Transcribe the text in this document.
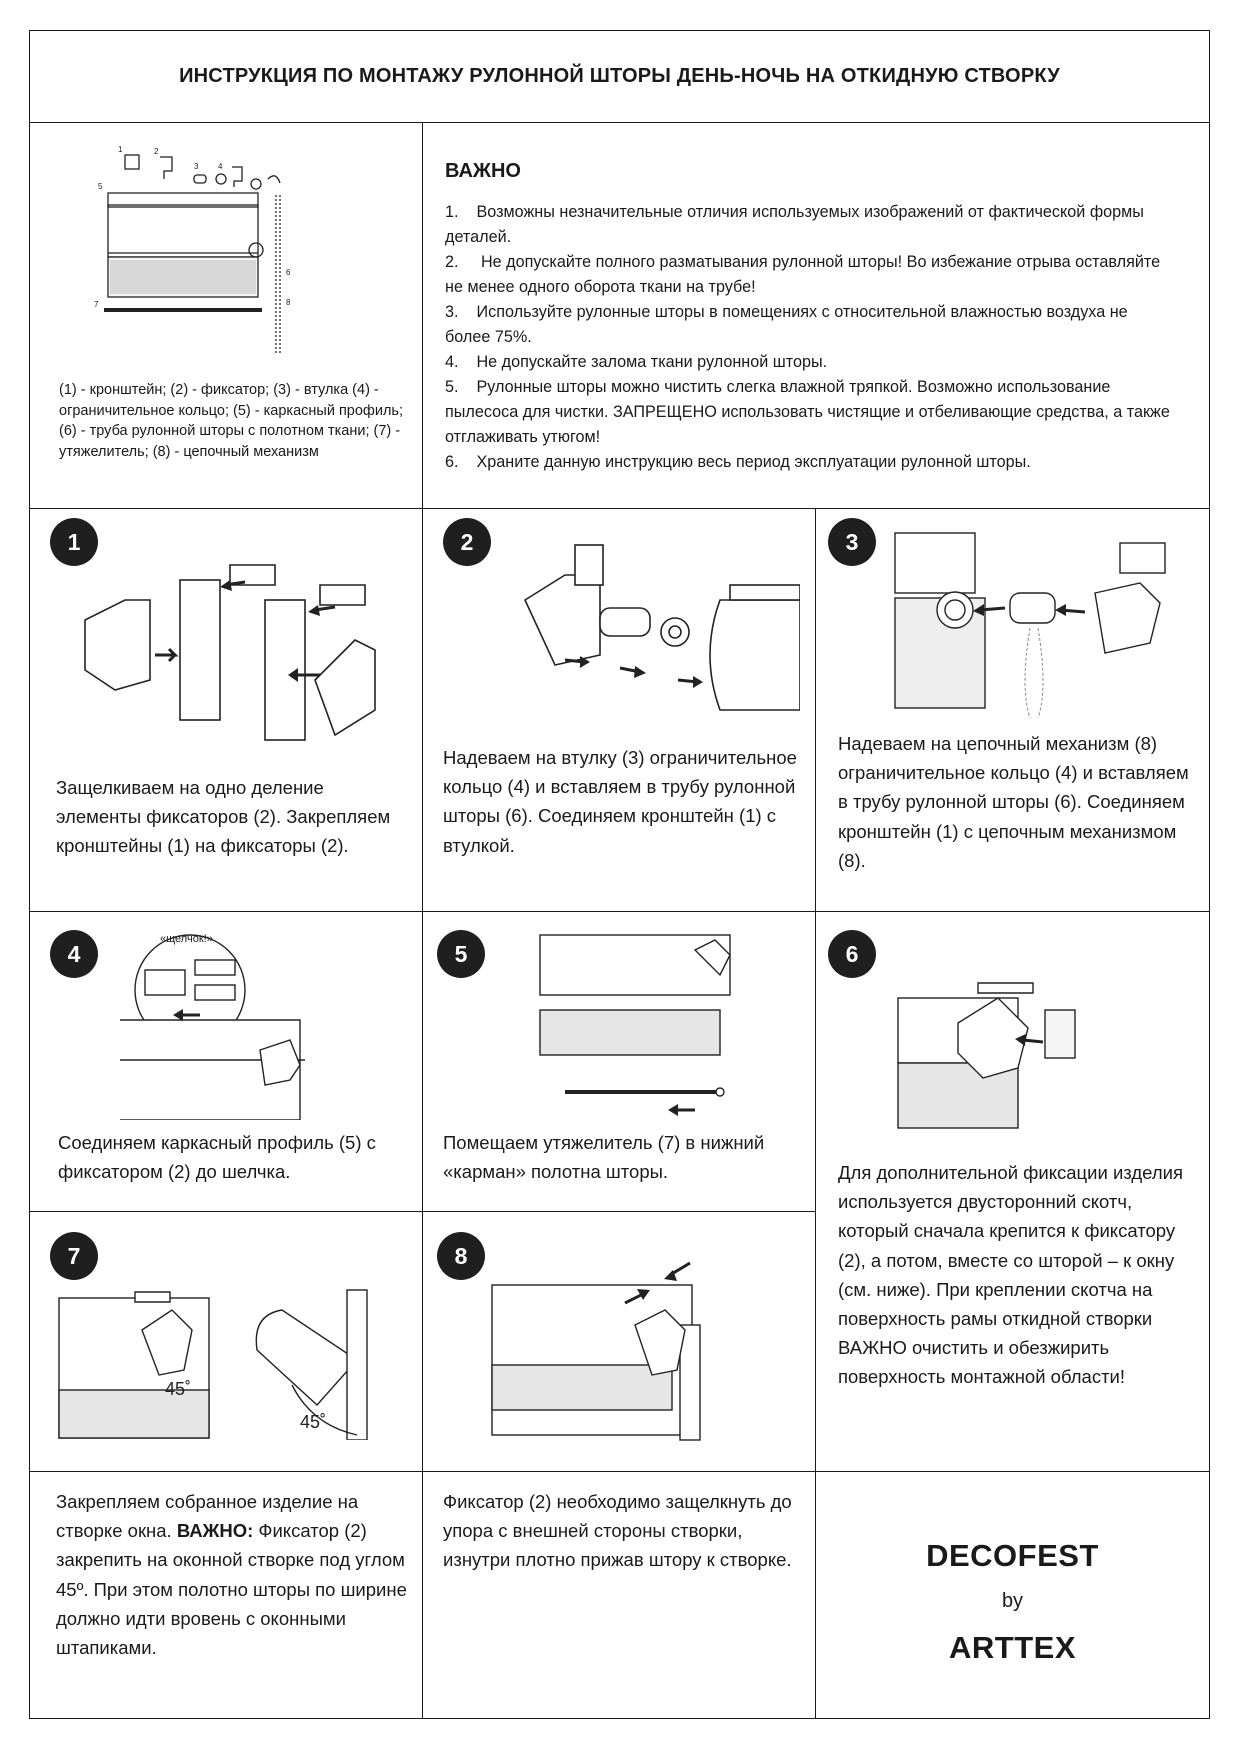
ИНСТРУКЦИЯ ПО МОНТАЖУ РУЛОННОЙ ШТОРЫ ДЕНЬ-НОЧЬ НА ОТКИДНУЮ СТВОРКУ
1	2
3 4
5
6
7	8
(1) - кронштейн; (2) - фиксатор; (3) - втулка (4) - ограничительное кольцо; (5) - каркасный профиль; (6) - труба рулонной шторы с полотном ткани; (7) - утяжелитель; (8) - цепочный механизм
ВАЖНО
1.    Возможны незначительные отличия используемых изображений от фактической формы деталей.
2.     Не допускайте полного разматывания рулонной шторы! Во избежание отрыва оставляйте не менее одного оборота ткани на трубе!
3.    Используйте рулонные шторы в помещениях с относительной влажностью воздуха не более 75%.
4.    Не допускайте залома ткани рулонной шторы.
5.    Рулонные шторы можно чистить слегка влажной тряпкой. Возможно использование пылесоса для чистки. ЗАПРЕЩЕНО использовать чистящие и отбеливающие средства, а также отглаживать утюгом!
6.    Храните данную инструкцию весь период эксплуатации рулонной шторы.
1
Защелкиваем на одно деление элементы фиксаторов (2). Закрепляем кронштейны (1) на фиксаторы (2).
2
Надеваем на втулку (3) ограничительное кольцо (4) и вставляем в трубу рулонной шторы (6). Соединяем кронштейн (1) с втулкой.
3
Надеваем на цепочный механизм (8) ограничительное кольцо (4) и вставляем в трубу рулонной шторы (6). Соединяем кронштейн (1) с цепочным механизмом (8).
4
«щелчок!»
Соединяем каркасный профиль (5) с фиксатором (2) до шелчка.
5
Помещаем утяжелитель (7) в нижний «карман» полотна шторы.
6
Для дополнительной фиксации изделия используется двусторонний скотч, который сначала крепится к фиксатору (2), а потом, вместе со шторой – к окну (см. ниже). При креплении скотча на поверхность рамы откидной створки ВАЖНО очистить и обезжирить поверхность монтажной области!
7
45˚
45˚
Закрепляем собранное изделие на створке окна. ВАЖНО: Фиксатор (2) закрепить на оконной створке под углом 45º. При этом полотно шторы по ширине должно идти вровень с оконными штапиками.
8
Фиксатор (2) необходимо защелкнуть до упора с внешней стороны створки, изнутри плотно прижав штору к створке.	DECOFEST
by
ARTTEX
